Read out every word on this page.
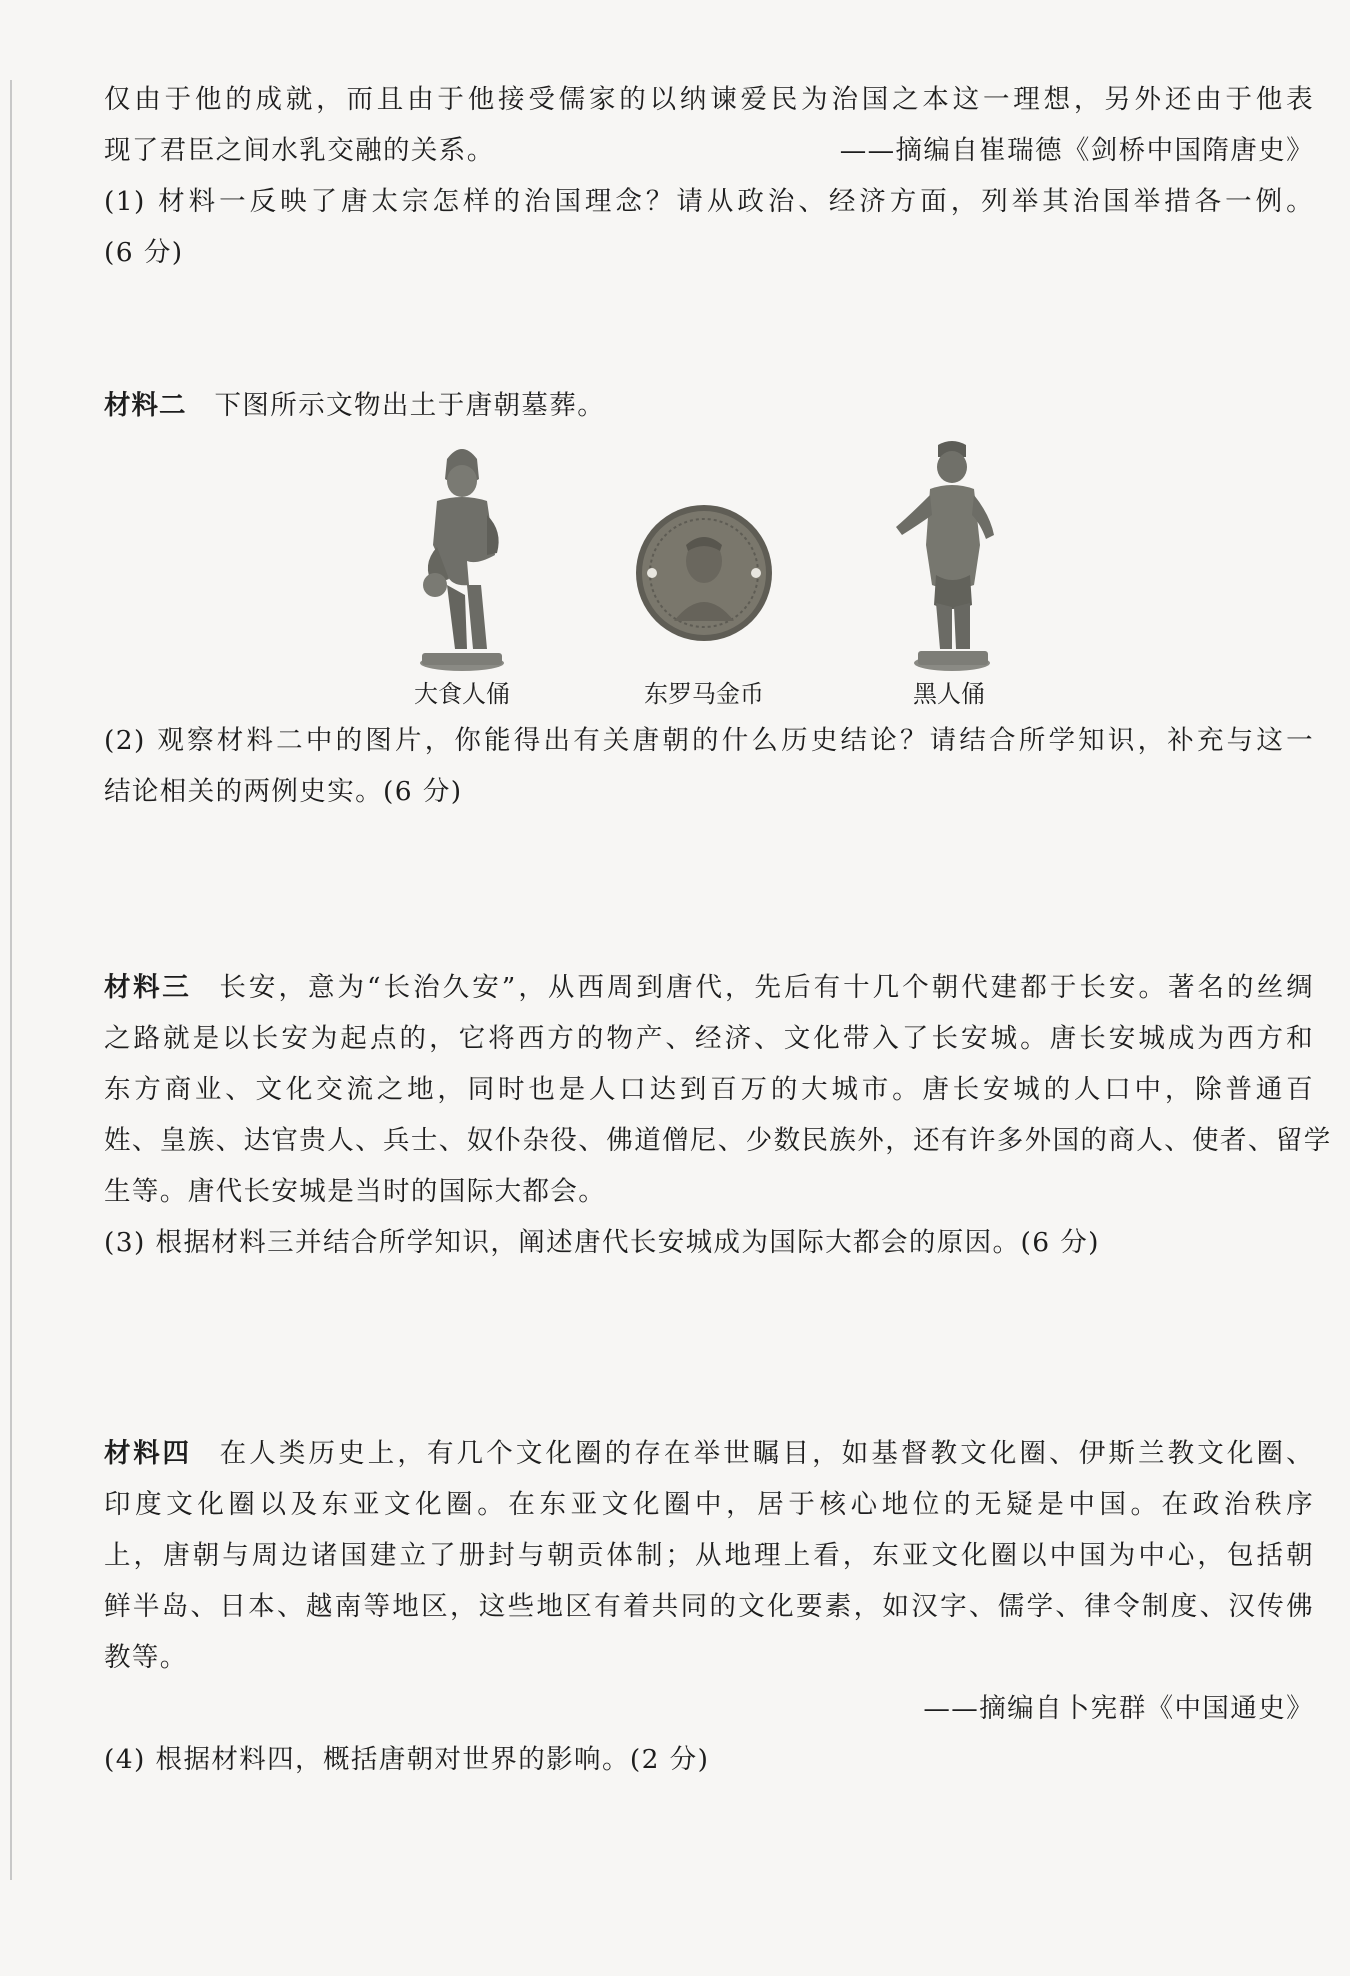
仅由于他的成就，而且由于他接受儒家的以纳谏爱民为治国之本这一理想，另外还由于他表
现了君臣之间水乳交融的关系。	——摘编自崔瑞德《剑桥中国隋唐史》
(1) 材料一反映了唐太宗怎样的治国理念？请从政治、经济方面，列举其治国举措各一例。
(6 分)
材料二 下图所示文物出土于唐朝墓葬。
大食人俑	东罗马金币	黑人俑
(2) 观察材料二中的图片，你能得出有关唐朝的什么历史结论？请结合所学知识，补充与这一
结论相关的两例史实。(6 分)
材料三 长安，意为“长治久安”，从西周到唐代，先后有十几个朝代建都于长安。著名的丝绸
之路就是以长安为起点的，它将西方的物产、经济、文化带入了长安城。唐长安城成为西方和
东方商业、文化交流之地，同时也是人口达到百万的大城市。唐长安城的人口中，除普通百
姓、皇族、达官贵人、兵士、奴仆杂役、佛道僧尼、少数民族外，还有许多外国的商人、使者、留学
生等。唐代长安城是当时的国际大都会。
(3) 根据材料三并结合所学知识，阐述唐代长安城成为国际大都会的原因。(6 分)
材料四 在人类历史上，有几个文化圈的存在举世瞩目，如基督教文化圈、伊斯兰教文化圈、
印度文化圈以及东亚文化圈。在东亚文化圈中，居于核心地位的无疑是中国。在政治秩序
上，唐朝与周边诸国建立了册封与朝贡体制；从地理上看，东亚文化圈以中国为中心，包括朝
鲜半岛、日本、越南等地区，这些地区有着共同的文化要素，如汉字、儒学、律令制度、汉传佛
教等。
——摘编自卜宪群《中国通史》
(4) 根据材料四，概括唐朝对世界的影响。(2 分)
